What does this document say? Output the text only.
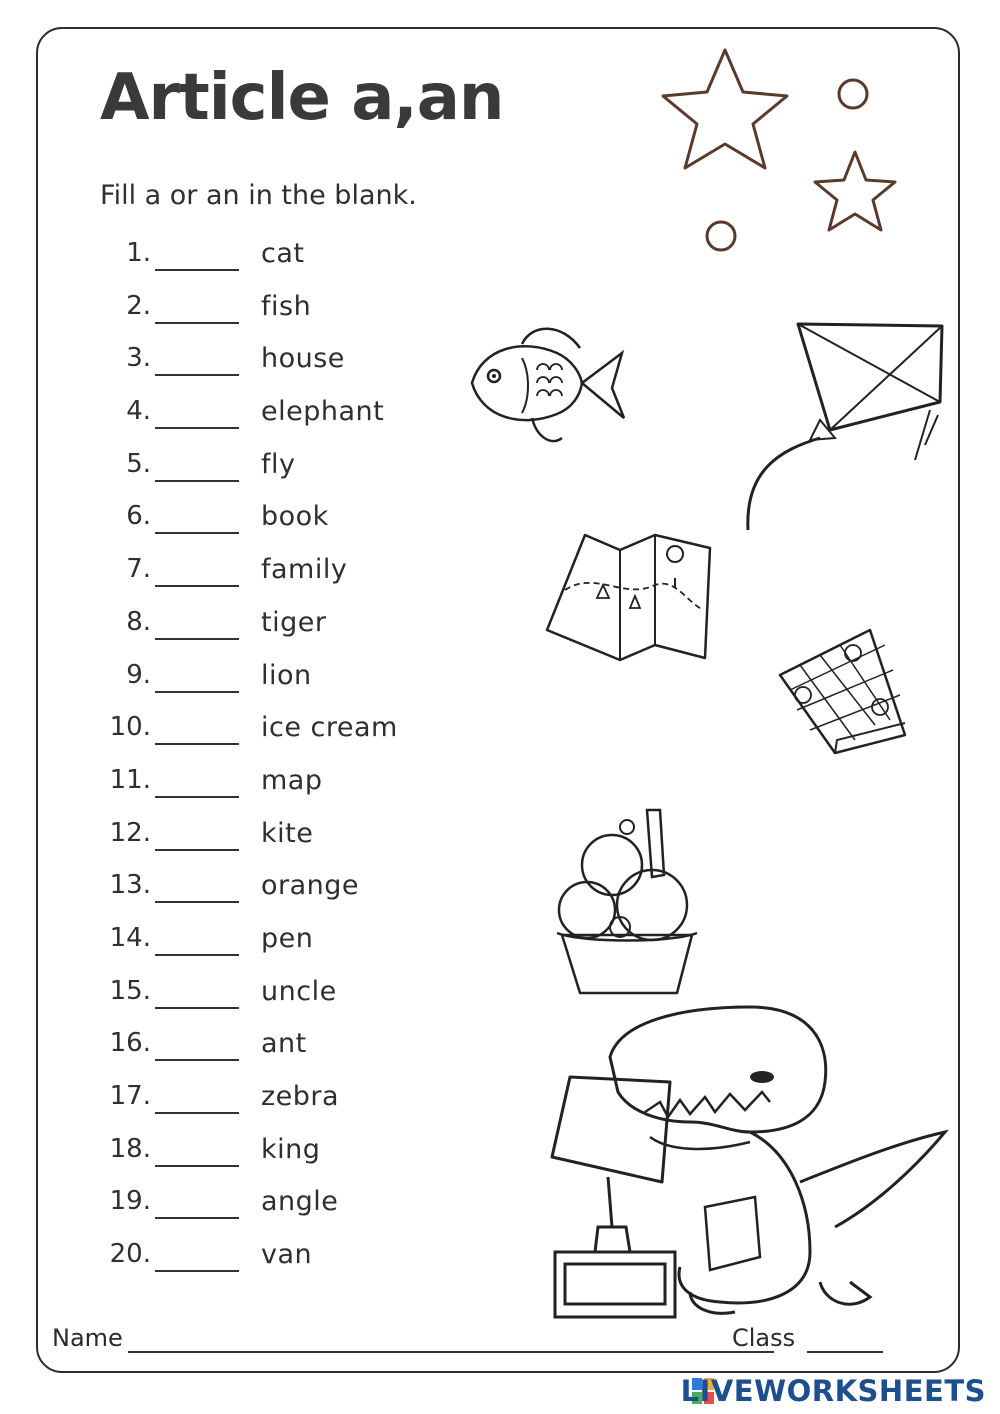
Article a,an
Fill a or an in the blank.
1.	cat
2.	fish
3.	house
4.	elephant
5.	fly
6.	book
7.	family
8.	tiger
9.	lion
10.	ice cream
11.	map
12.	kite
13.	orange
14.	pen
15.	uncle
16.	ant
17.	zebra
18.	king
19.	angle
20.	van
Name	Class
LIVEWORKSHEETS
